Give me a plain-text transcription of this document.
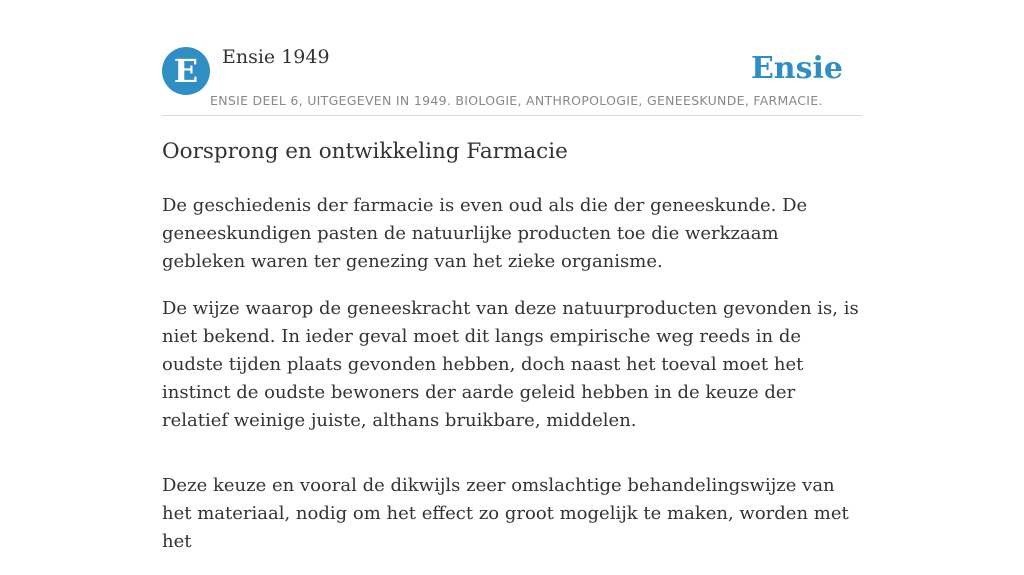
E	Ensie 1949	Ensie
ENSIE DEEL 6, UITGEGEVEN IN 1949. BIOLOGIE, ANTHROPOLOGIE, GENEESKUNDE, FARMACIE.
Oorsprong en ontwikkeling Farmacie

De geschiedenis der farmacie is even oud als die der geneeskunde. De geneeskundigen pasten de natuurlijke producten toe die werkzaam gebleken waren ter genezing van het zieke organisme.

De wijze waarop de geneeskracht van deze natuurproducten gevonden is, is niet bekend. In ieder geval moet dit langs empirische weg reeds in de oudste tijden plaats gevonden hebben, doch naast het toeval moet het instinct de oudste bewoners der aarde geleid hebben in de keuze der relatief weinige juiste, althans bruikbare, middelen.

Deze keuze en vooral de dikwijls zeer omslachtige behandelingswijze van het materiaal, nodig om het effect zo groot mogelijk te maken, worden met het
